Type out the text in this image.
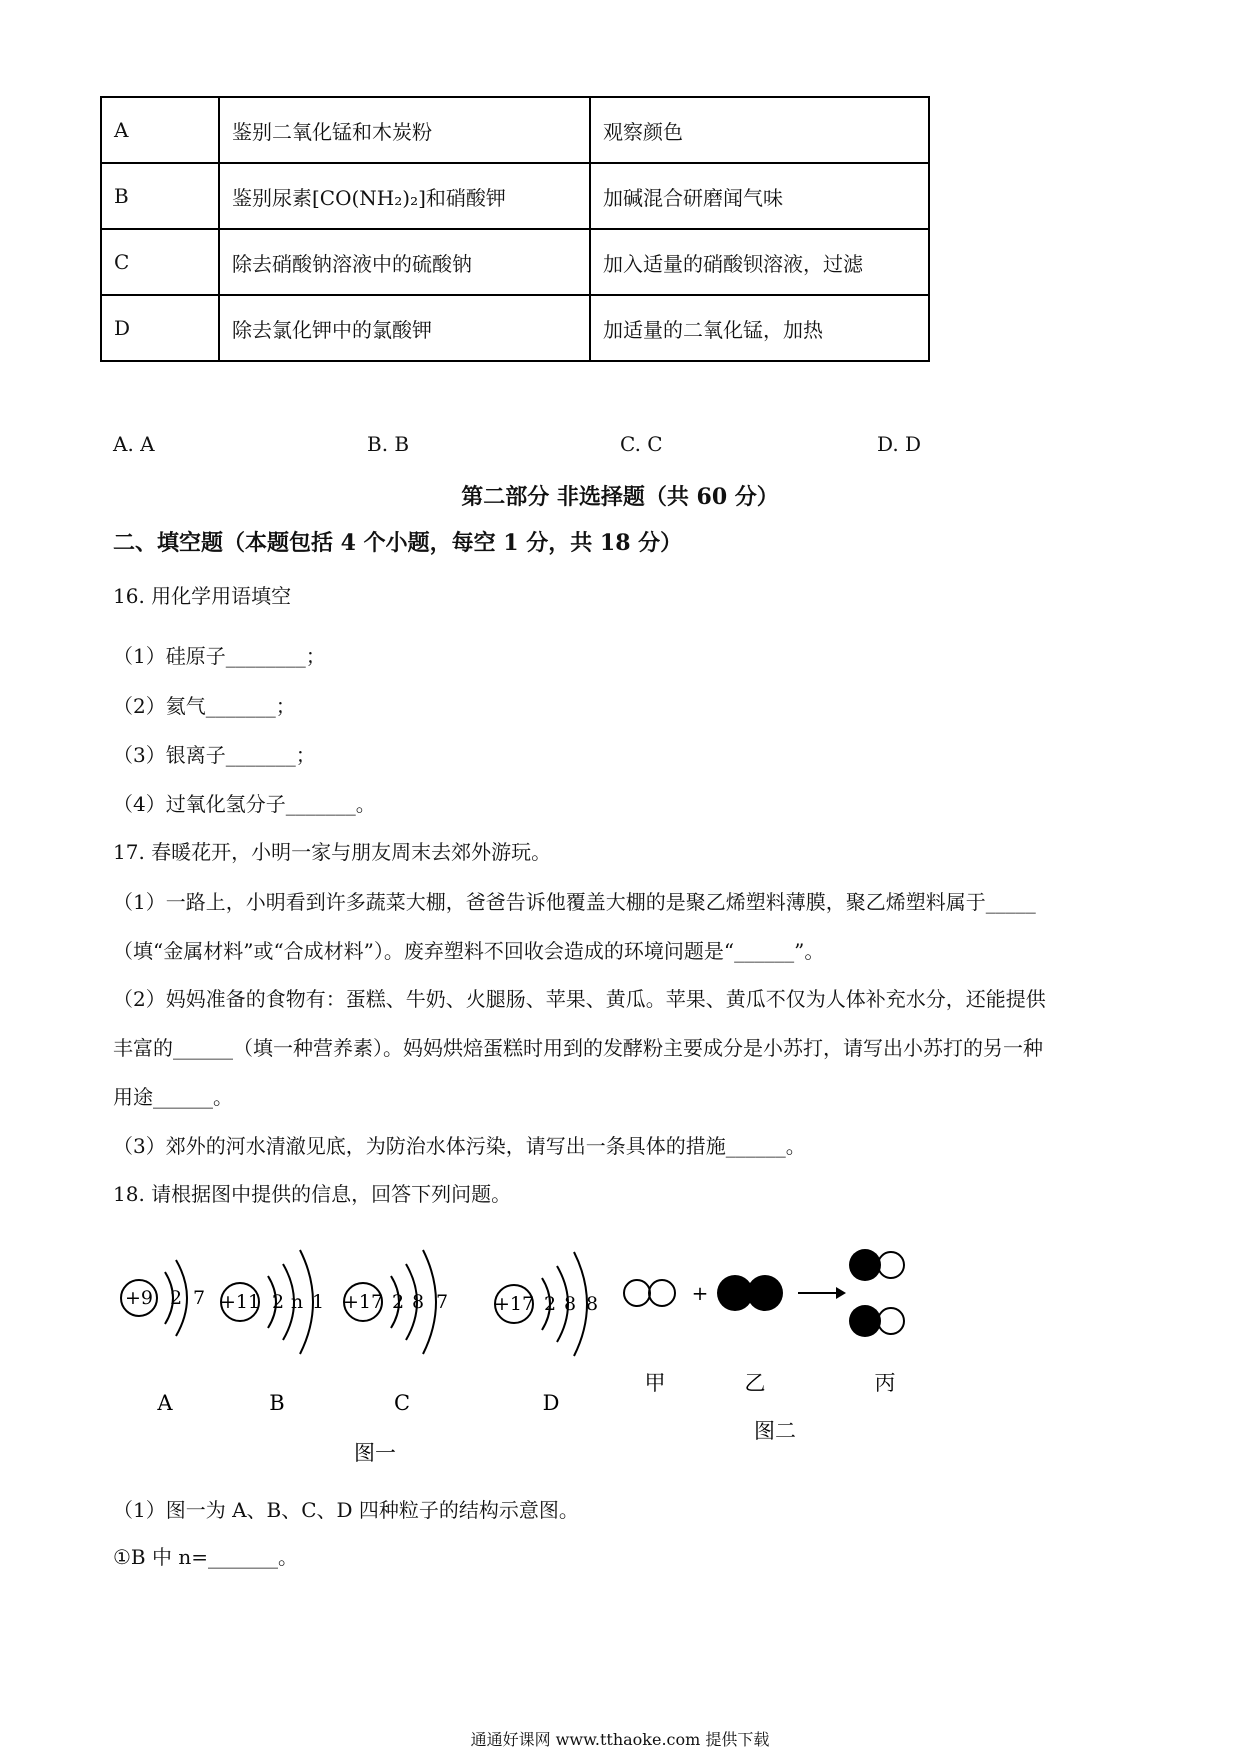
A	鉴别二氧化锰和木炭粉	观察颜色
B	鉴别尿素[CO(NH₂)₂]和硝酸钾	加碱混合研磨闻气味
C	除去硝酸钠溶液中的硫酸钠	加入适量的硝酸钡溶液，过滤
D	除去氯化钾中的氯酸钾	加适量的二氧化锰，加热
A. A	B. B	C. C	D. D
第二部分 非选择题（共 60 分）
二、填空题（本题包括 4 个小题，每空 1 分，共 18 分）
16. 用化学用语填空
（1）硅原子________；
（2）氦气_______；
（3）银离子_______；
（4）过氧化氢分子_______。
17. 春暖花开，小明一家与朋友周末去郊外游玩。
（1）一路上，小明看到许多蔬菜大棚，爸爸告诉他覆盖大棚的是聚乙烯塑料薄膜，聚乙烯塑料属于_____
（填“金属材料”或“合成材料”）。废弃塑料不回收会造成的环境问题是“______”。
（2）妈妈准备的食物有：蛋糕、牛奶、火腿肠、苹果、黄瓜。苹果、黄瓜不仅为人体补充水分，还能提供
丰富的______（填一种营养素）。妈妈烘焙蛋糕时用到的发酵粉主要成分是小苏打，请写出小苏打的另一种
用途______。
（3）郊外的河水清澈见底，为防治水体污染，请写出一条具体的措施______。
18. 请根据图中提供的信息，回答下列问题。
+9 2 7 +11 2 n 1 +17 2 8 7 +17 2 8 8	+
A	B	C	D
图一
甲	乙	丙
图二
（1）图一为 A、B、C、D 四种粒子的结构示意图。
①B 中 n=_______。
通通好课网 www.tthaoke.com 提供下载
